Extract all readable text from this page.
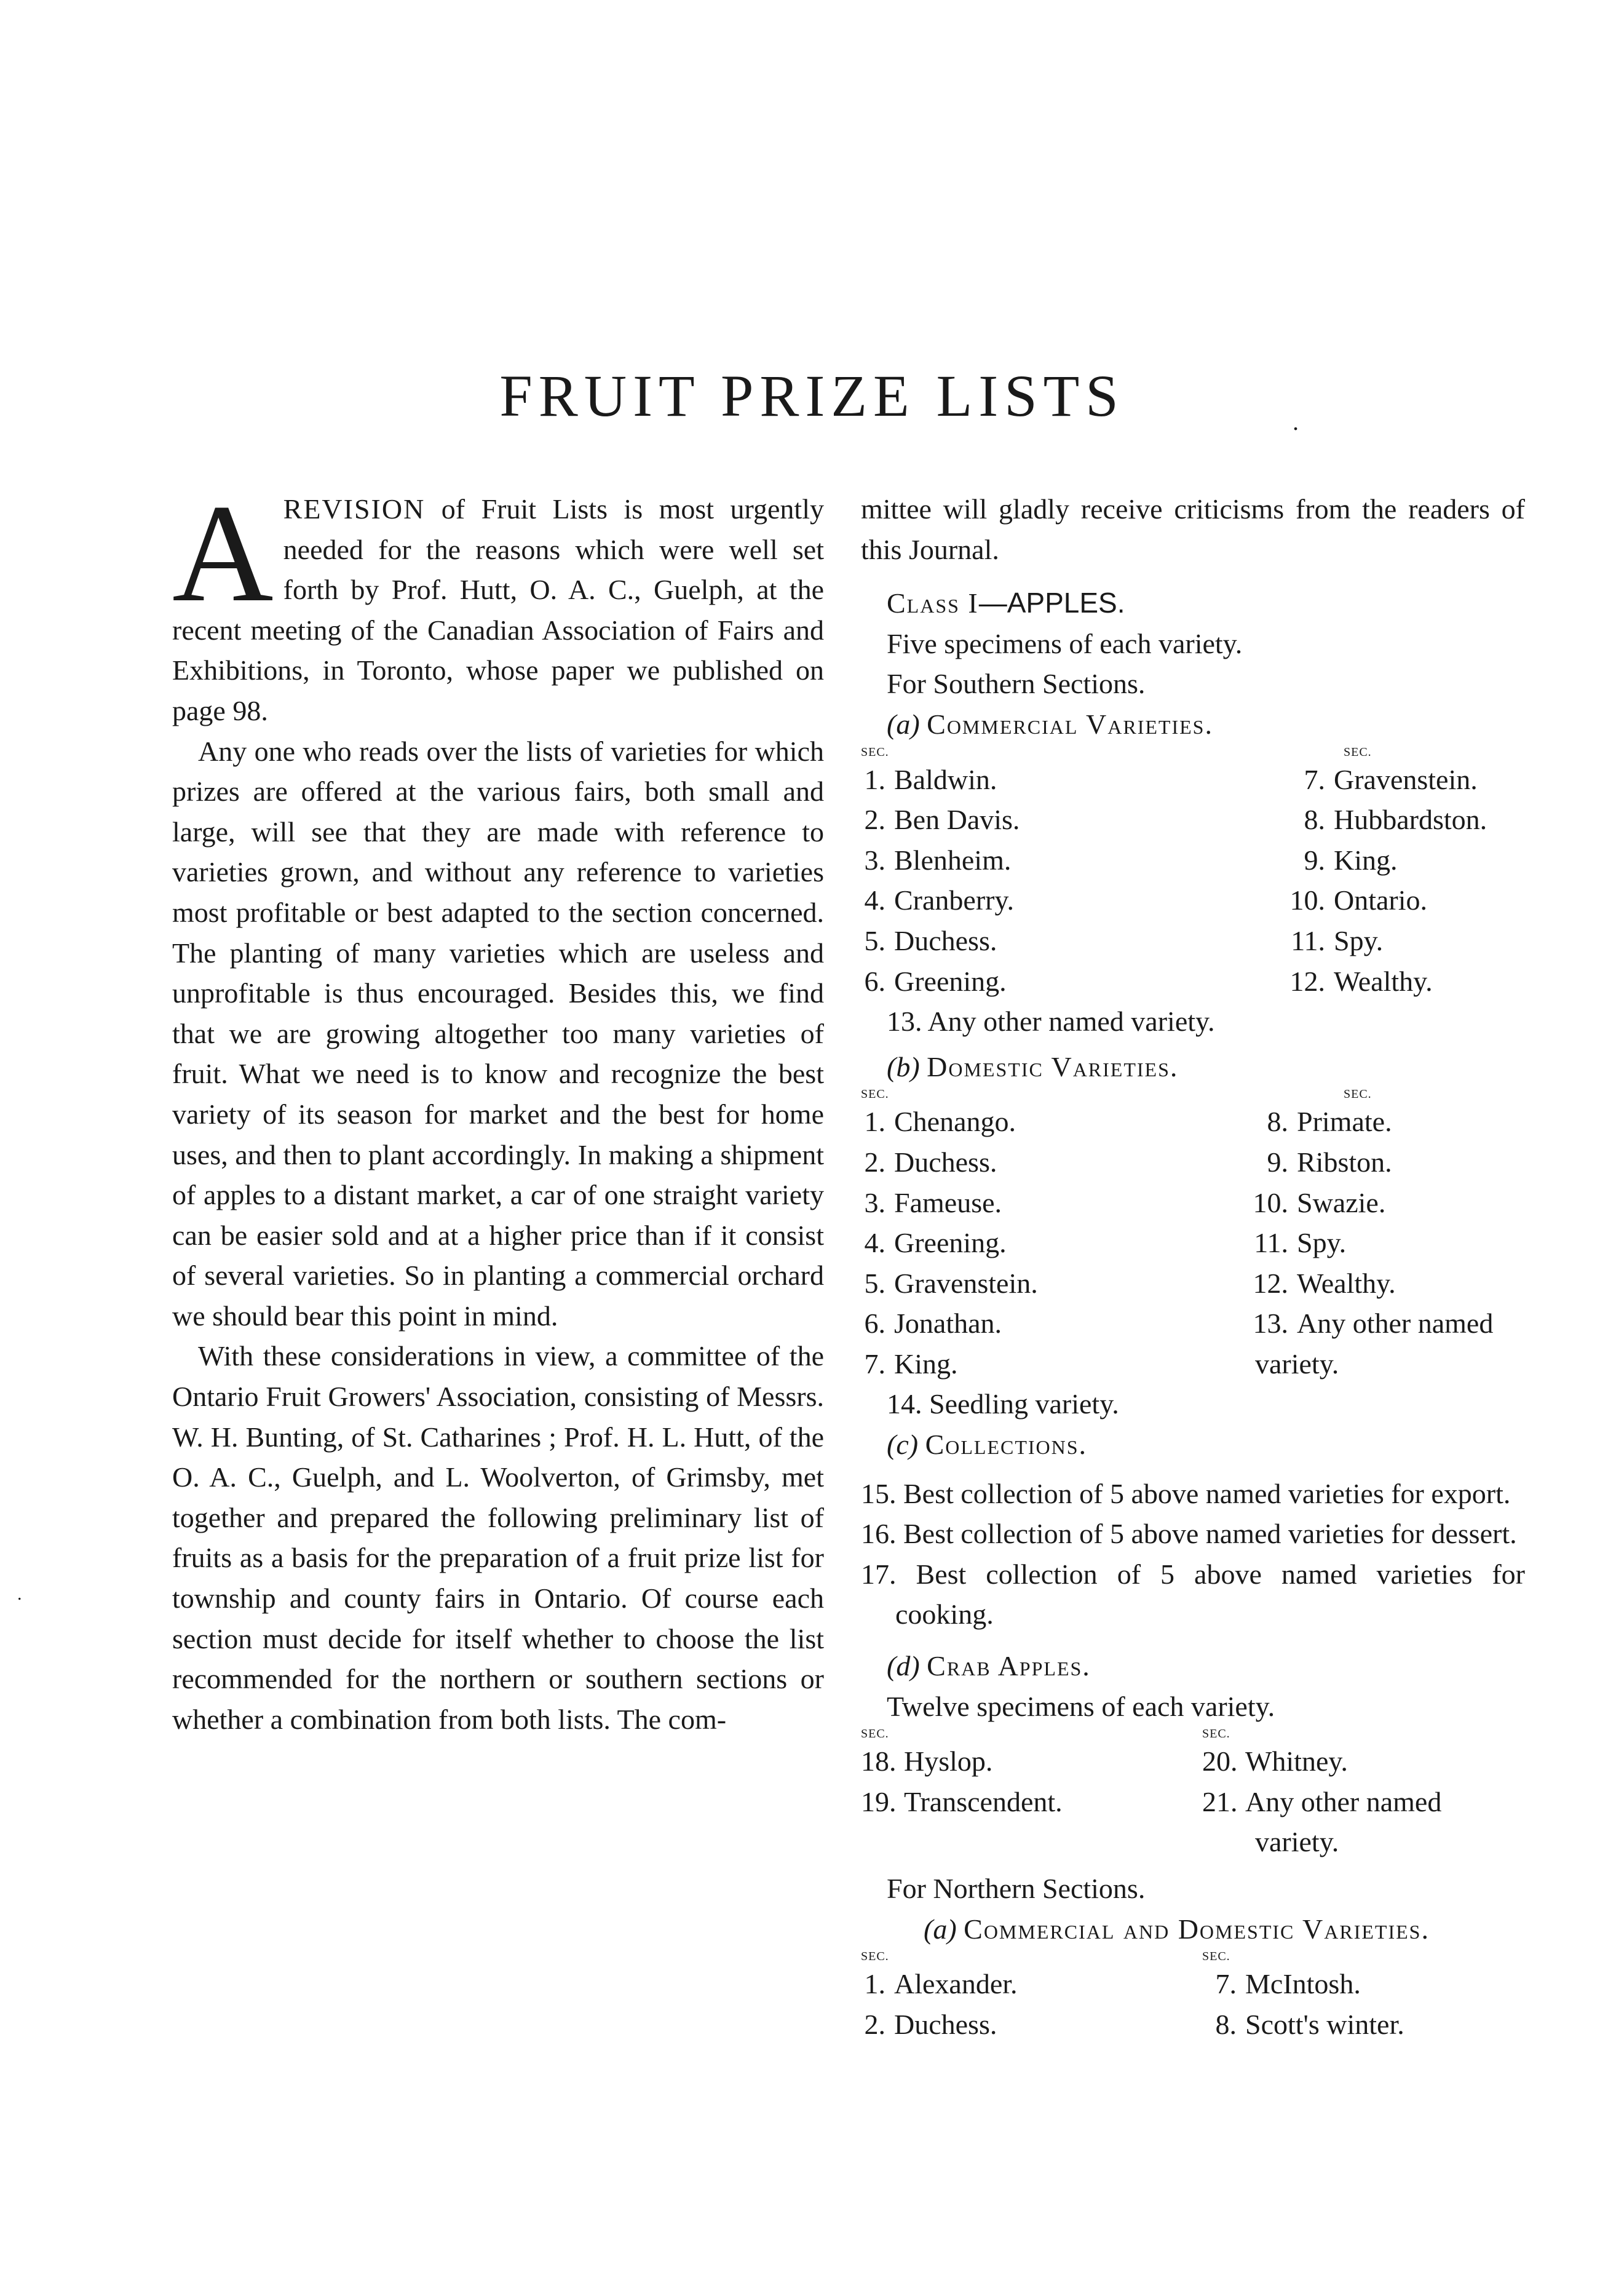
FRUIT PRIZE LISTS	.
.

AREVISION of Fruit Lists is most urgently needed for the reasons which were well set forth by Prof. Hutt, O. A. C., Guelph, at the recent meeting of the Canadian Association of Fairs and Exhibitions, in Toronto, whose paper we published on page 98.

Any one who reads over the lists of varieties for which prizes are offered at the various fairs, both small and large, will see that they are made with reference to varieties grown, and without any reference to varieties most profitable or best adapted to the section concerned. The planting of many varieties which are useless and unprofitable is thus encouraged. Besides this, we find that we are growing altogether too many varieties of fruit. What we need is to know and recognize the best variety of its season for market and the best for home uses, and then to plant accordingly. In making a shipment of apples to a distant market, a car of one straight variety can be easier sold and at a higher price than if it consist of several varieties. So in planting a commercial orchard we should bear this point in mind.

With these considerations in view, a committee of the Ontario Fruit Growers' Association, consisting of Messrs. W. H. Bunting, of St. Catharines ; Prof. H. L. Hutt, of the O. A. C., Guelph, and L. Woolverton, of Grimsby, met together and prepared the following preliminary list of fruits as a basis for the preparation of a fruit prize list for township and county fairs in Ontario. Of course each section must decide for itself whether to choose the list recommended for the northern or southern sections or whether a combination from both lists. The com-

mittee will gladly receive criticisms from the readers of this Journal.

Class I—APPLES.

Five specimens of each variety.

For Southern Sections.

(a) Commercial Varieties.

SEC.
1. Baldwin.
2. Ben Davis.
3. Blenheim.
4. Cranberry.
5. Duchess.
6. Greening.
SEC.
7. Gravenstein.
8. Hubbardston.
9. King.
10. Ontario.
11. Spy.
12. Wealthy.

13. Any other named variety.

(b) Domestic Varieties.

SEC.
1. Chenango.
2. Duchess.
3. Fameuse.
4. Greening.
5. Gravenstein.
6. Jonathan.
7. King.
SEC.
8. Primate.
9. Ribston.
10. Swazie.
11. Spy.
12. Wealthy.
13. Any other named variety.

14. Seedling variety.

(c) Collections.

15. Best collection of 5 above named varieties for export.

16. Best collection of 5 above named varieties for dessert.

17. Best collection of 5 above named varieties for cooking.

(d) Crab Apples.

Twelve specimens of each variety.

SEC.
18. Hyslop.
19. Transcendent.
SEC.
20. Whitney.
21. Any other named variety.

For Northern Sections.

(a) Commercial and Domestic Varieties.

SEC.
1. Alexander.
2. Duchess.
SEC.
7. McIntosh.
8. Scott's winter.
